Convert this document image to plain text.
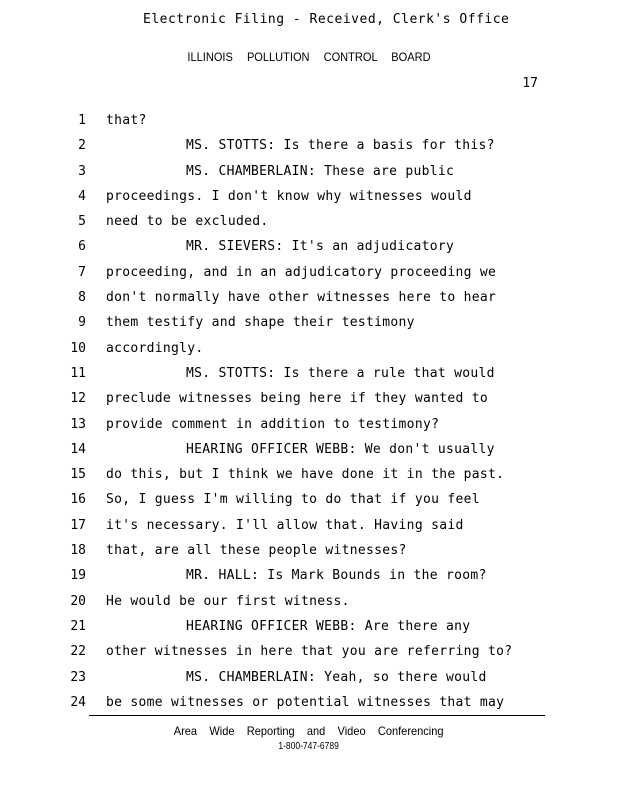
Electronic Filing - Received, Clerk's Office
ILLINOIS POLLUTION CONTROL BOARD
17
1 that?
2	MS. STOTTS: Is there a basis for this?
3	MS. CHAMBERLAIN: These are public
4 proceedings. I don't know why witnesses would
5 need to be excluded.
6	MR. SIEVERS: It's an adjudicatory
7 proceeding, and in an adjudicatory proceeding we
8 don't normally have other witnesses here to hear
9 them testify and shape their testimony
10 accordingly.
11	MS. STOTTS: Is there a rule that would
12 preclude witnesses being here if they wanted to
13 provide comment in addition to testimony?
14	HEARING OFFICER WEBB: We don't usually
15 do this, but I think we have done it in the past.
16 So, I guess I'm willing to do that if you feel
17 it's necessary. I'll allow that. Having said
18 that, are all these people witnesses?
19	MR. HALL: Is Mark Bounds in the room?
20 He would be our first witness.
21	HEARING OFFICER WEBB: Are there any
22 other witnesses in here that you are referring to?
23	MS. CHAMBERLAIN: Yeah, so there would
24 be some witnesses or potential witnesses that may
Area Wide Reporting and Video Conferencing
1-800-747-6789
